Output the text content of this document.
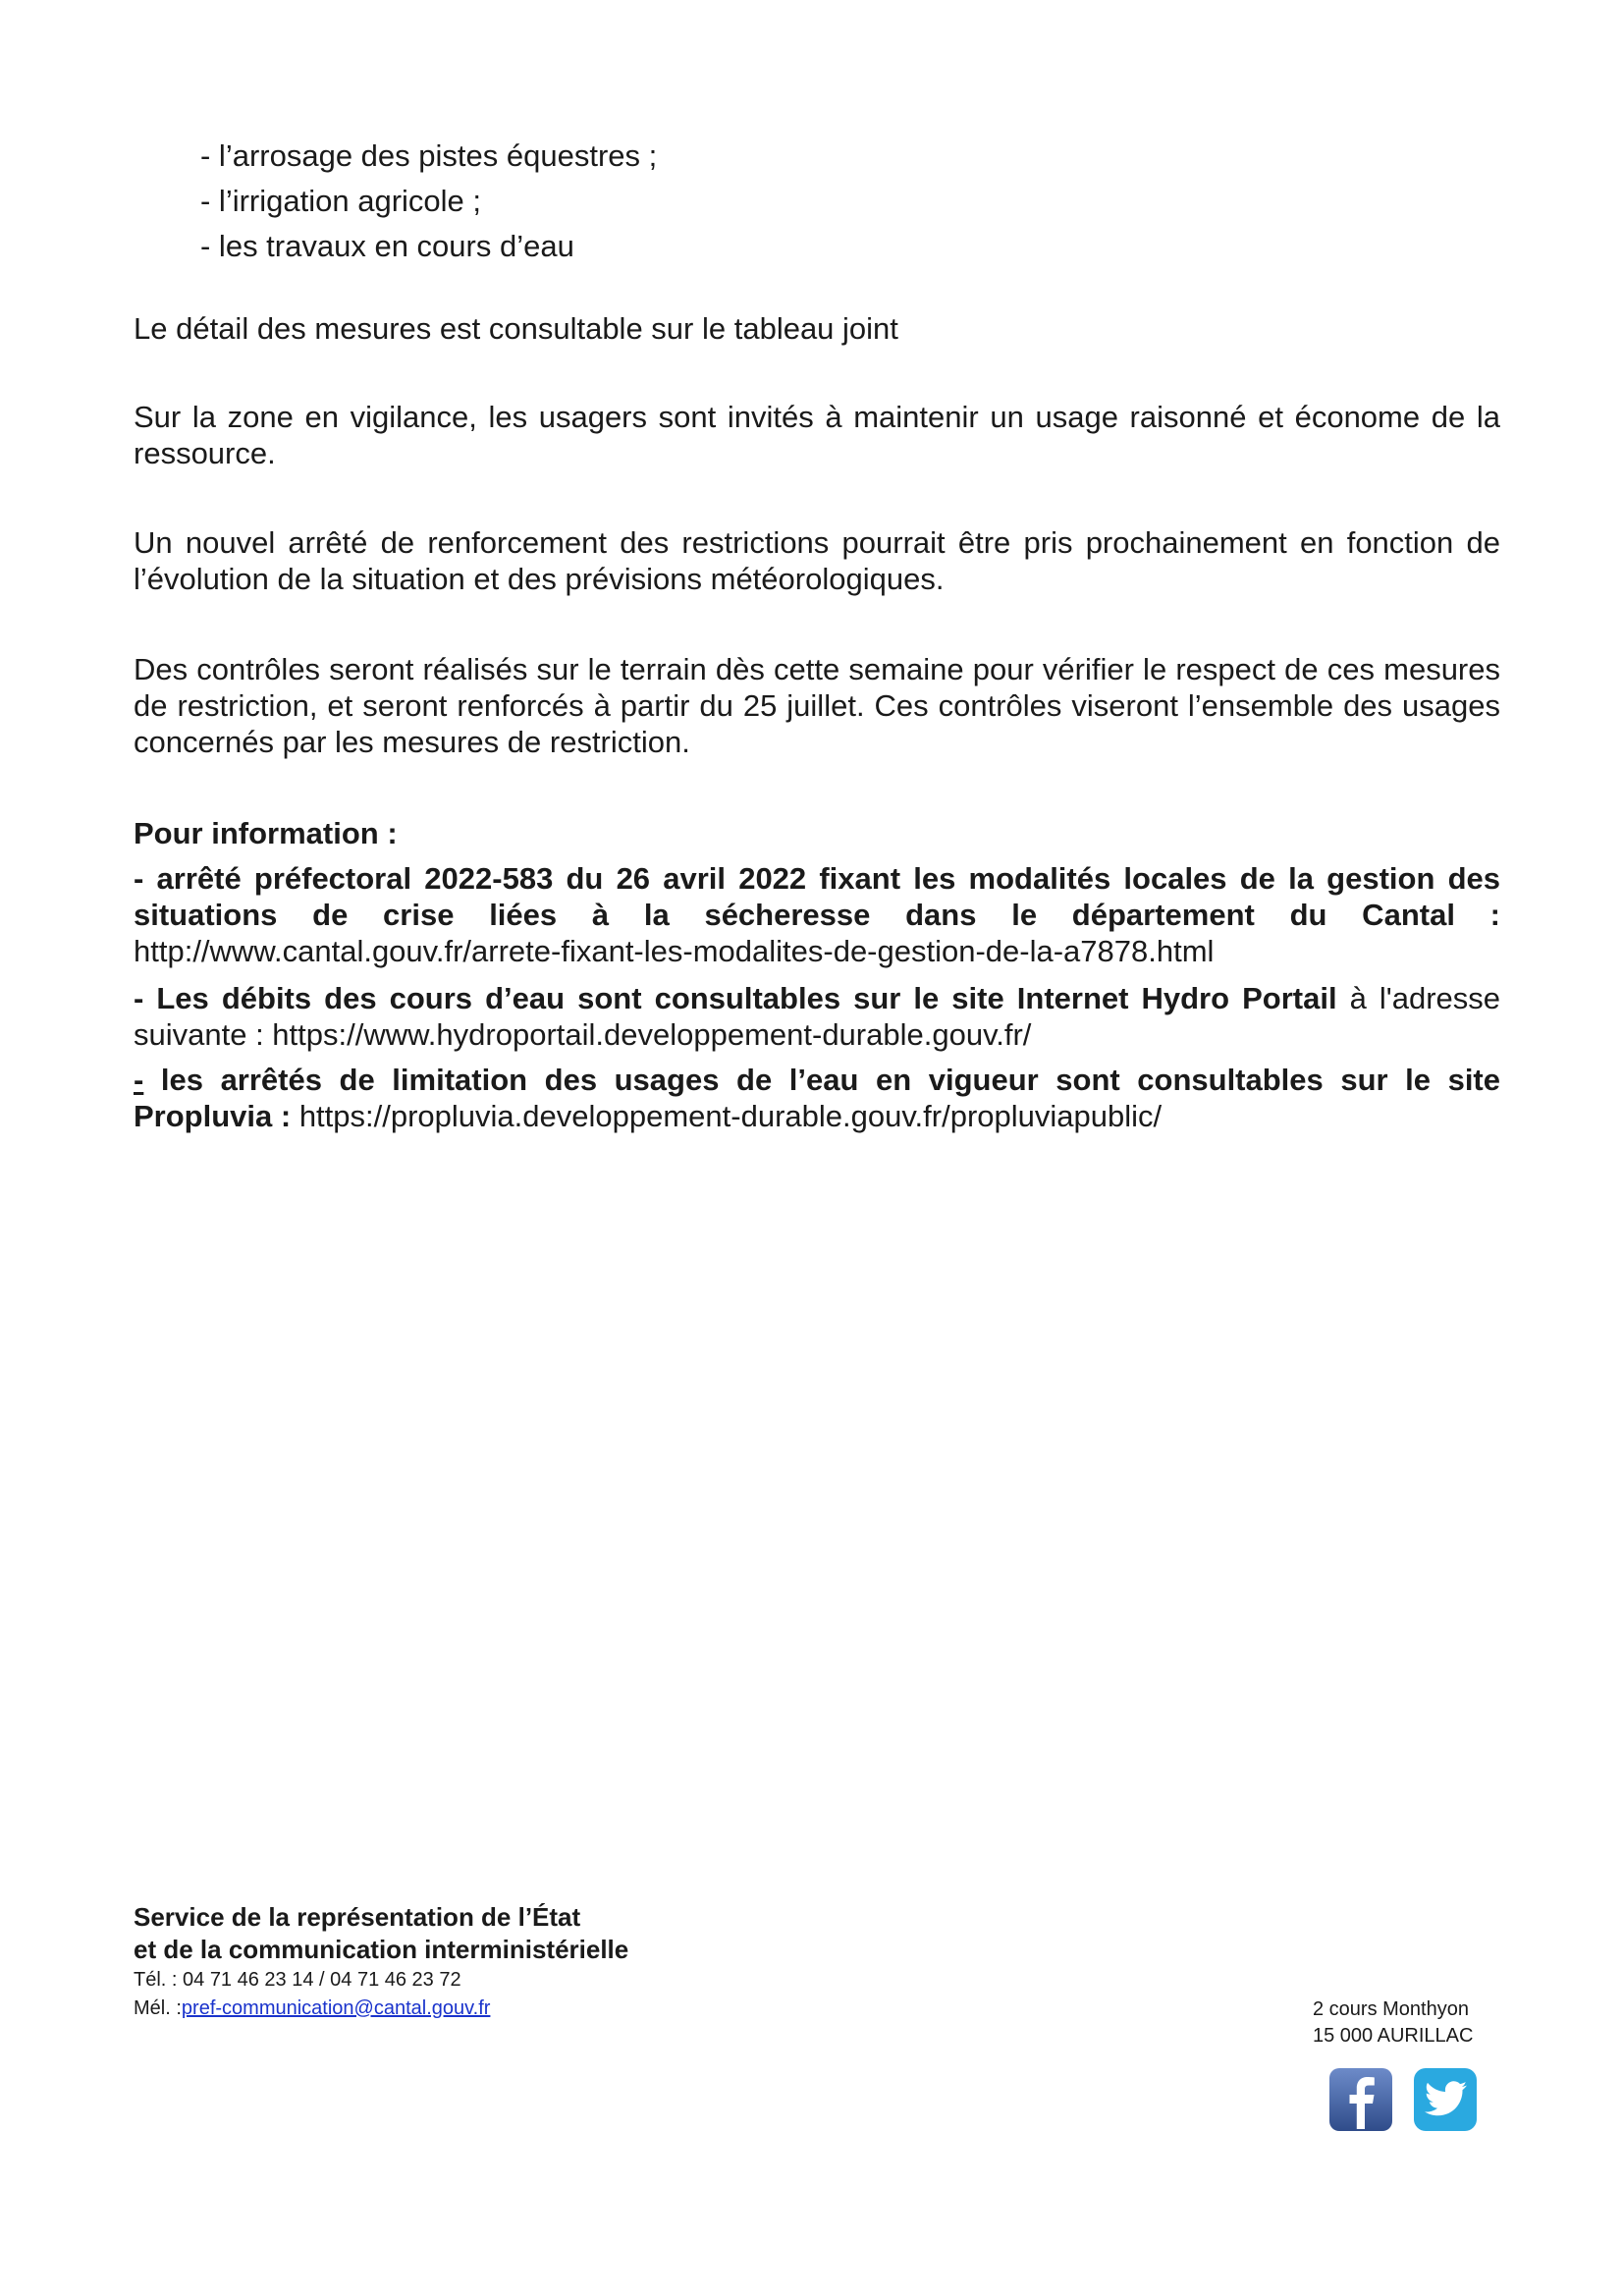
- l’arrosage des pistes équestres ;
- l’irrigation agricole ;
- les travaux en cours d’eau
Le détail des mesures est consultable sur le tableau joint
Sur la zone en vigilance, les usagers sont invités à maintenir un usage raisonné et économe de la ressource.
Un nouvel arrêté de renforcement des restrictions pourrait être pris prochainement en fonction de l’évolution de la situation et des prévisions météorologiques.
Des contrôles seront réalisés sur le terrain dès cette semaine pour vérifier le respect de ces mesures de restriction, et seront renforcés à partir du 25 juillet. Ces contrôles viseront l’ensemble des usages concernés par les mesures de restriction.
Pour information :
- arrêté préfectoral 2022-583 du 26 avril 2022 fixant les modalités locales de la gestion des situations de crise liées à la sécheresse dans le département du Cantal : http://www.cantal.gouv.fr/arrete-fixant-les-modalites-de-gestion-de-la-a7878.html
- Les débits des cours d’eau sont consultables sur le site Internet Hydro Portail à l'adresse suivante : https://www.hydroportail.developpement-durable.gouv.fr/
- les arrêtés de limitation des usages de l’eau en vigueur sont consultables sur le site Propluvia : https://propluvia.developpement-durable.gouv.fr/propluviapublic/
Service de la représentation de l’État
et de la communication interministérielle
Tél. : 04 71 46 23 14 / 04 71 46 23 72
Mél. :pref-communication@cantal.gouv.fr	2 cours Monthyon
15 000 AURILLAC
